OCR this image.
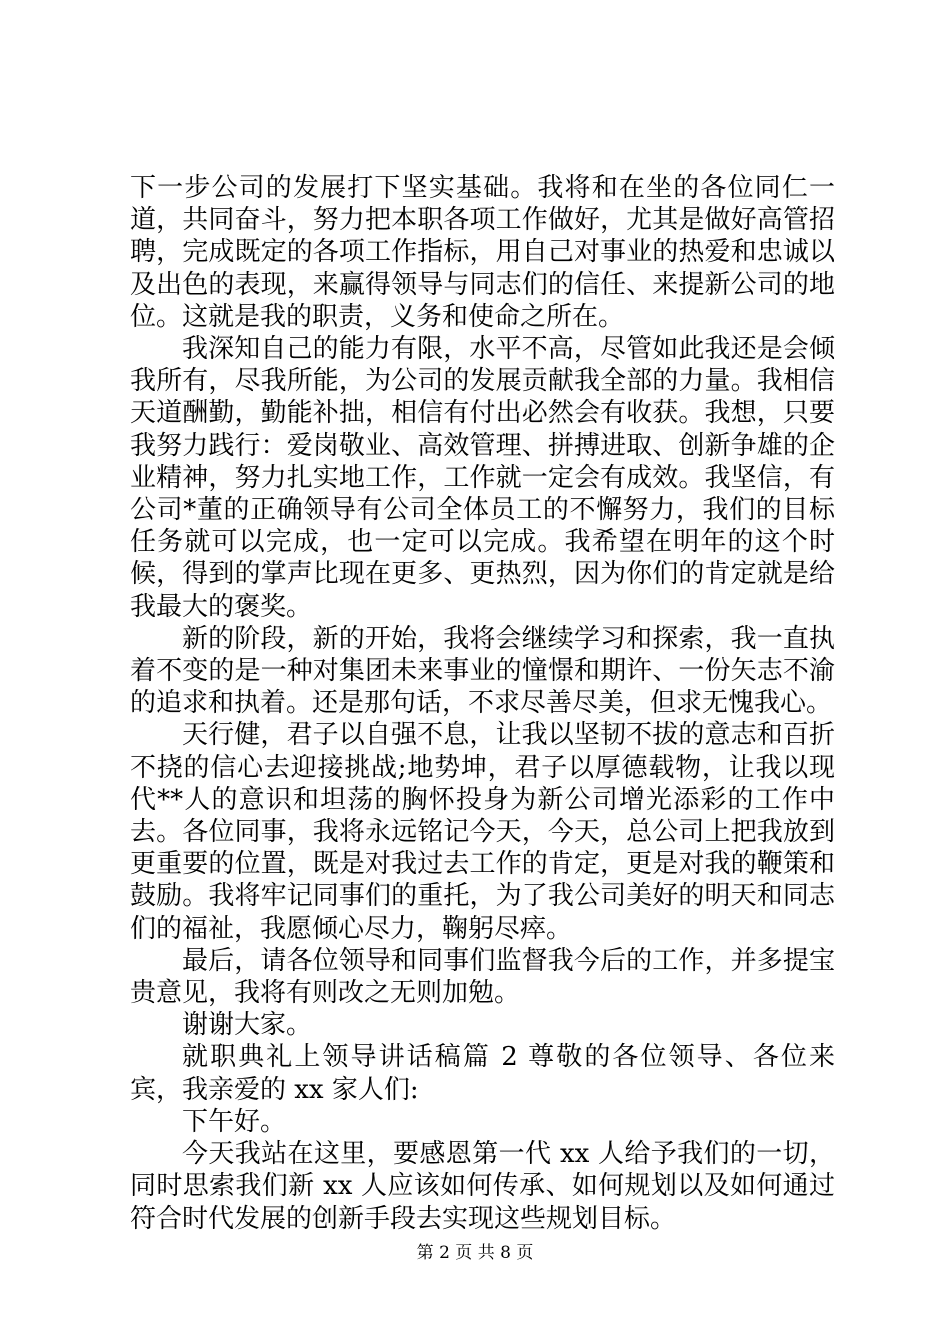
下一步公司的发展打下坚实基础。我将和在坐的各位同仁一道，共同奋斗，努力把本职各项工作做好，尤其是做好高管招聘，完成既定的各项工作指标，用自己对事业的热爱和忠诚以及出色的表现，来赢得领导与同志们的信任、来提新公司的地位。这就是我的职责，义务和使命之所在。

我深知自己的能力有限，水平不高，尽管如此我还是会倾我所有，尽我所能，为公司的发展贡献我全部的力量。我相信天道酬勤，勤能补拙，相信有付出必然会有收获。我想，只要我努力践行：爱岗敬业、高效管理、拼搏进取、创新争雄的企业精神，努力扎实地工作，工作就一定会有成效。我坚信，有公司*董的正确领导有公司全体员工的不懈努力，我们的目标任务就可以完成，也一定可以完成。我希望在明年的这个时候，得到的掌声比现在更多、更热烈，因为你们的肯定就是给我最大的褒奖。

新的阶段，新的开始，我将会继续学习和探索，我一直执着不变的是一种对集团未来事业的憧憬和期许、一份矢志不渝的追求和执着。还是那句话，不求尽善尽美，但求无愧我心。

天行健，君子以自强不息，让我以坚韧不拔的意志和百折不挠的信心去迎接挑战;地势坤，君子以厚德载物，让我以现代**人的意识和坦荡的胸怀投身为新公司增光添彩的工作中去。各位同事，我将永远铭记今天，今天，总公司上把我放到更重要的位置，既是对我过去工作的肯定，更是对我的鞭策和鼓励。我将牢记同事们的重托，为了我公司美好的明天和同志们的福祉，我愿倾心尽力，鞠躬尽瘁。

最后，请各位领导和同事们监督我今后的工作，并多提宝贵意见，我将有则改之无则加勉。

谢谢大家。

就职典礼上领导讲话稿篇 2 尊敬的各位领导、各位来宾，我亲爱的 xx 家人们:

下午好。

今天我站在这里，要感恩第一代 xx 人给予我们的一切，同时思索我们新 xx 人应该如何传承、如何规划以及如何通过符合时代发展的创新手段去实现这些规划目标。

第 2 页 共 8 页
